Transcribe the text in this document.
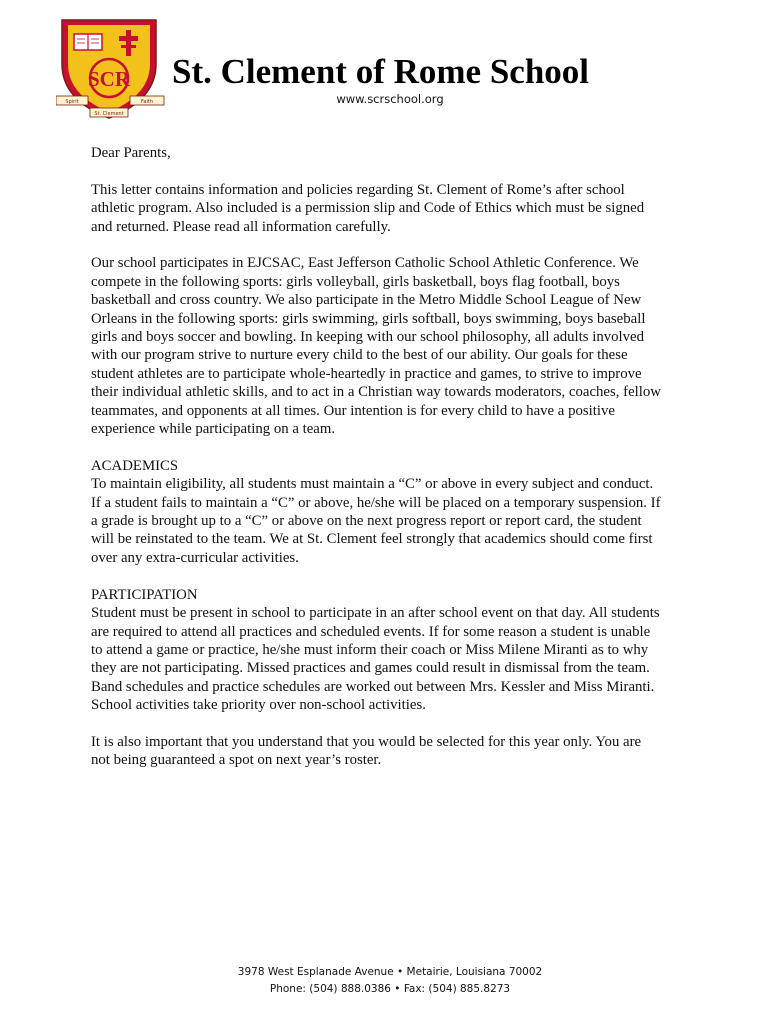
SCR
Spirit	Faith
St. Clement
St. Clement of Rome School
www.scrschool.org

Dear Parents,

This letter contains information and policies regarding St. Clement of Rome’s after school
athletic program. Also included is a permission slip and Code of Ethics which must be signed
and returned. Please read all information carefully.

Our school participates in EJCSAC, East Jefferson Catholic School Athletic Conference. We
compete in the following sports: girls volleyball, girls basketball, boys flag football, boys
basketball and cross country. We also participate in the Metro Middle School League of New
Orleans in the following sports: girls swimming, girls softball, boys swimming, boys baseball
girls and boys soccer and bowling. In keeping with our school philosophy, all adults involved
with our program strive to nurture every child to the best of our ability. Our goals for these
student athletes are to participate whole-heartedly in practice and games, to strive to improve
their individual athletic skills, and to act in a Christian way towards moderators, coaches, fellow
teammates, and opponents at all times. Our intention is for every child to have a positive
experience while participating on a team.

ACADEMICS
To maintain eligibility, all students must maintain a “C” or above in every subject and conduct.
If a student fails to maintain a “C” or above, he/she will be placed on a temporary suspension. If
a grade is brought up to a “C” or above on the next progress report or report card, the student
will be reinstated to the team. We at St. Clement feel strongly that academics should come first
over any extra-curricular activities.

PARTICIPATION
Student must be present in school to participate in an after school event on that day. All students
are required to attend all practices and scheduled events. If for some reason a student is unable
to attend a game or practice, he/she must inform their coach or Miss Milene Miranti as to why
they are not participating. Missed practices and games could result in dismissal from the team.
Band schedules and practice schedules are worked out between Mrs. Kessler and Miss Miranti.
School activities take priority over non-school activities.

It is also important that you understand that you would be selected for this year only. You are
not being guaranteed a spot on next year’s roster.

3978 West Esplanade Avenue • Metairie, Louisiana 70002
Phone: (504) 888.0386 • Fax: (504) 885.8273
